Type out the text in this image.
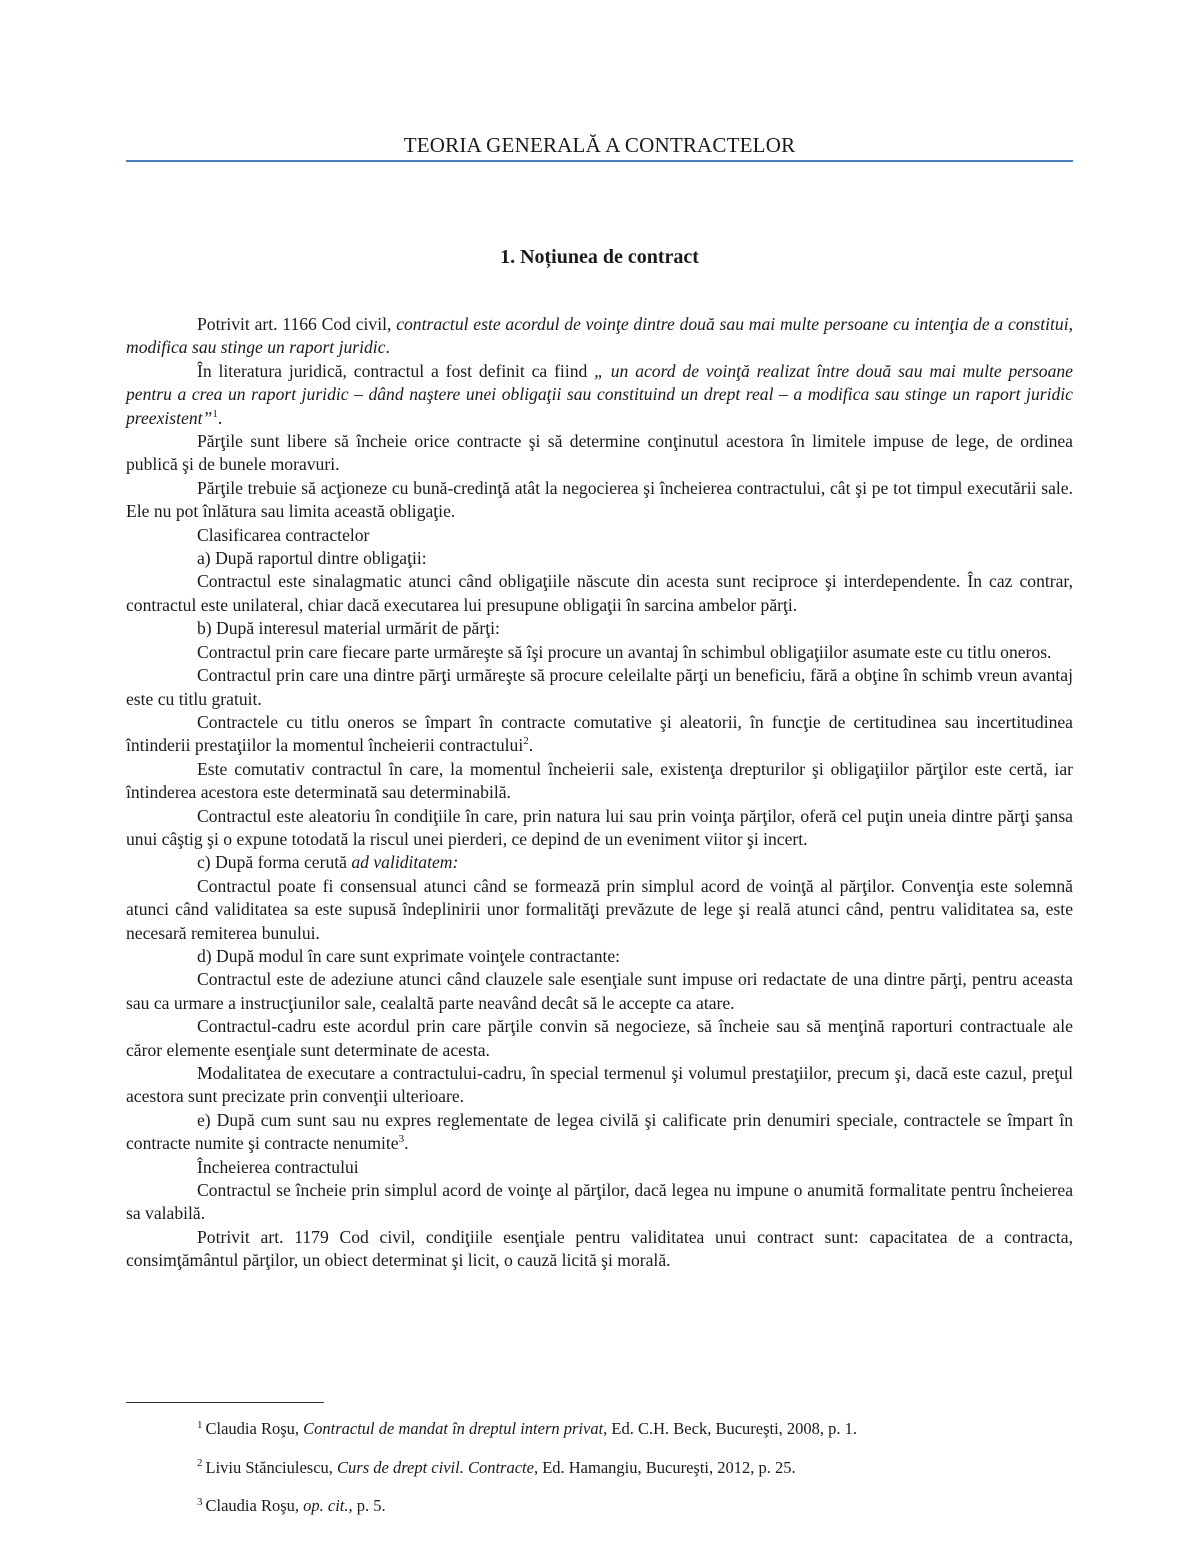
TEORIA GENERALĂ A CONTRACTELOR
1. Noțiunea de contract

Potrivit art. 1166 Cod civil, contractul este acordul de voinţe dintre două sau mai multe persoane cu intenţia de a constitui, modifica sau stinge un raport juridic.

În literatura juridică, contractul a fost definit ca fiind „ un acord de voinţă realizat între două sau mai multe persoane pentru a crea un raport juridic – dând naştere unei obligaţii sau constituind un drept real – a modifica sau stinge un raport juridic preexistent”$^1$.

Părţile sunt libere să încheie orice contracte şi să determine conţinutul acestora în limitele impuse de lege, de ordinea publică şi de bunele moravuri.

Părţile trebuie să acţioneze cu bună-credinţă atât la negocierea şi încheierea contractului, cât şi pe tot timpul executării sale. Ele nu pot înlătura sau limita această obligaţie.

Clasificarea contractelor

a) După raportul dintre obligaţii:

Contractul este sinalagmatic atunci când obligaţiile născute din acesta sunt reciproce şi interdependente. În caz contrar, contractul este unilateral, chiar dacă executarea lui presupune obligaţii în sarcina ambelor părţi.

b) După interesul material urmărit de părţi:

Contractul prin care fiecare parte urmăreşte să îşi procure un avantaj în schimbul obligaţiilor asumate este cu titlu oneros.

Contractul prin care una dintre părţi urmăreşte să procure celeilalte părţi un beneficiu, fără a obţine în schimb vreun avantaj este cu titlu gratuit.

Contractele cu titlu oneros se împart în contracte comutative şi aleatorii, în funcţie de certitudinea sau incertitudinea întinderii prestaţiilor la momentul încheierii contractului$^2$.

Este comutativ contractul în care, la momentul încheierii sale, existenţa drepturilor şi obligaţiilor părţilor este certă, iar întinderea acestora este determinată sau determinabilă.

Contractul este aleatoriu în condiţiile în care, prin natura lui sau prin voinţa părţilor, oferă cel puţin uneia dintre părţi şansa unui câştig şi o expune totodată la riscul unei pierderi, ce depind de un eveniment viitor şi incert.

c) După forma cerută ad validitatem:

Contractul poate fi consensual atunci când se formează prin simplul acord de voinţă al părţilor. Convenţia este solemnă atunci când validitatea sa este supusă îndeplinirii unor formalităţi prevăzute de lege şi reală atunci când, pentru validitatea sa, este necesară remiterea bunului.

d) După modul în care sunt exprimate voinţele contractante:

Contractul este de adeziune atunci când clauzele sale esenţiale sunt impuse ori redactate de una dintre părţi, pentru aceasta sau ca urmare a instrucţiunilor sale, cealaltă parte neavând decât să le accepte ca atare.

Contractul-cadru este acordul prin care părţile convin să negocieze, să încheie sau să menţină raporturi contractuale ale căror elemente esenţiale sunt determinate de acesta.

Modalitatea de executare a contractului-cadru, în special termenul şi volumul prestaţiilor, precum şi, dacă este cazul, preţul acestora sunt precizate prin convenţii ulterioare.

e) După cum sunt sau nu expres reglementate de legea civilă şi calificate prin denumiri speciale, contractele se împart în contracte numite şi contracte nenumite$^3$.

Încheierea contractului

Contractul se încheie prin simplul acord de voinţe al părţilor, dacă legea nu impune o anumită formalitate pentru încheierea sa valabilă.

Potrivit art. 1179 Cod civil, condiţiile esenţiale pentru validitatea unui contract sunt: capacitatea de a contracta, consimţământul părţilor, un obiect determinat şi licit, o cauză licită şi morală.

$^1$ Claudia Roşu, Contractul de mandat în dreptul intern privat, Ed. C.H. Beck, Bucureşti, 2008, p. 1.

$^2$ Liviu Stănciulescu, Curs de drept civil. Contracte, Ed. Hamangiu, Bucureşti, 2012, p. 25.

$^3$ Claudia Roşu, op. cit., p. 5.
